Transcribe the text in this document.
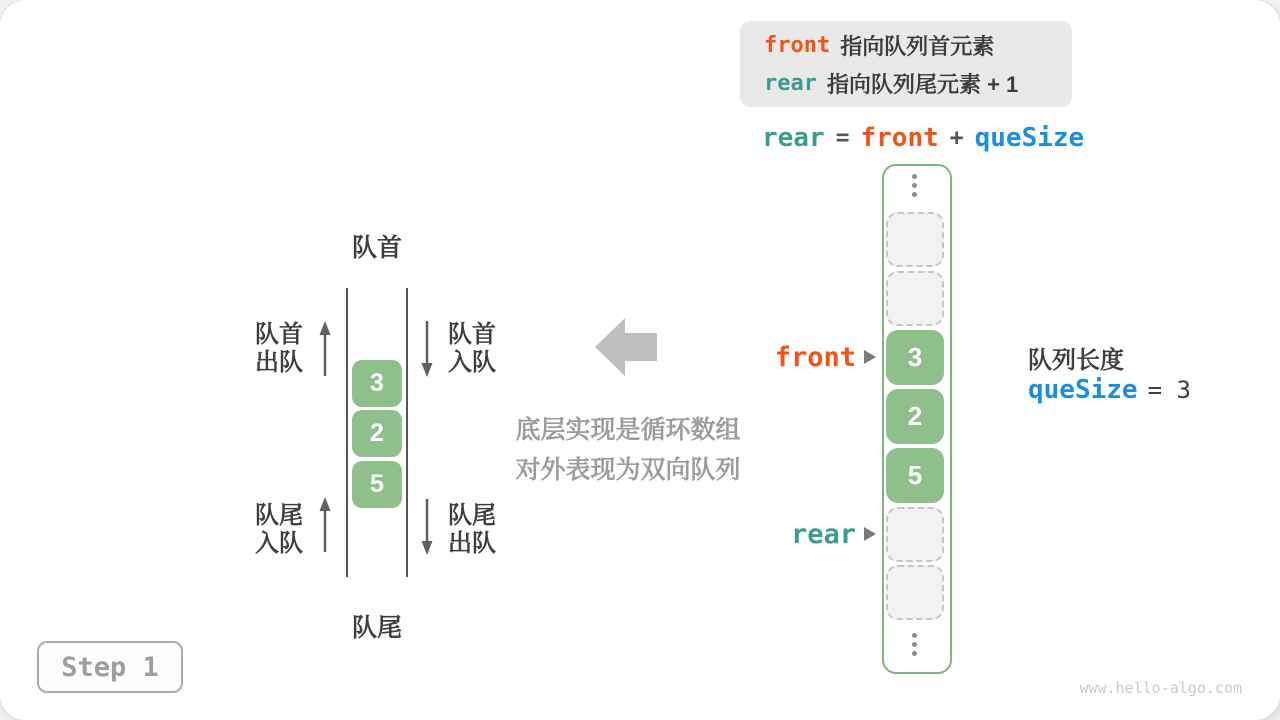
front 指向队列首元素
rear 指向队列尾元素 + 1
rear = front + queSize
队首
3
2
5
队首
出队
队首
入队
队尾
入队
队尾
出队
队尾
底层实现是循环数组
对外表现为双向队列
3
2
5
front
rear
队列长度
queSize = 3
Step 1
www.hello-algo.com
